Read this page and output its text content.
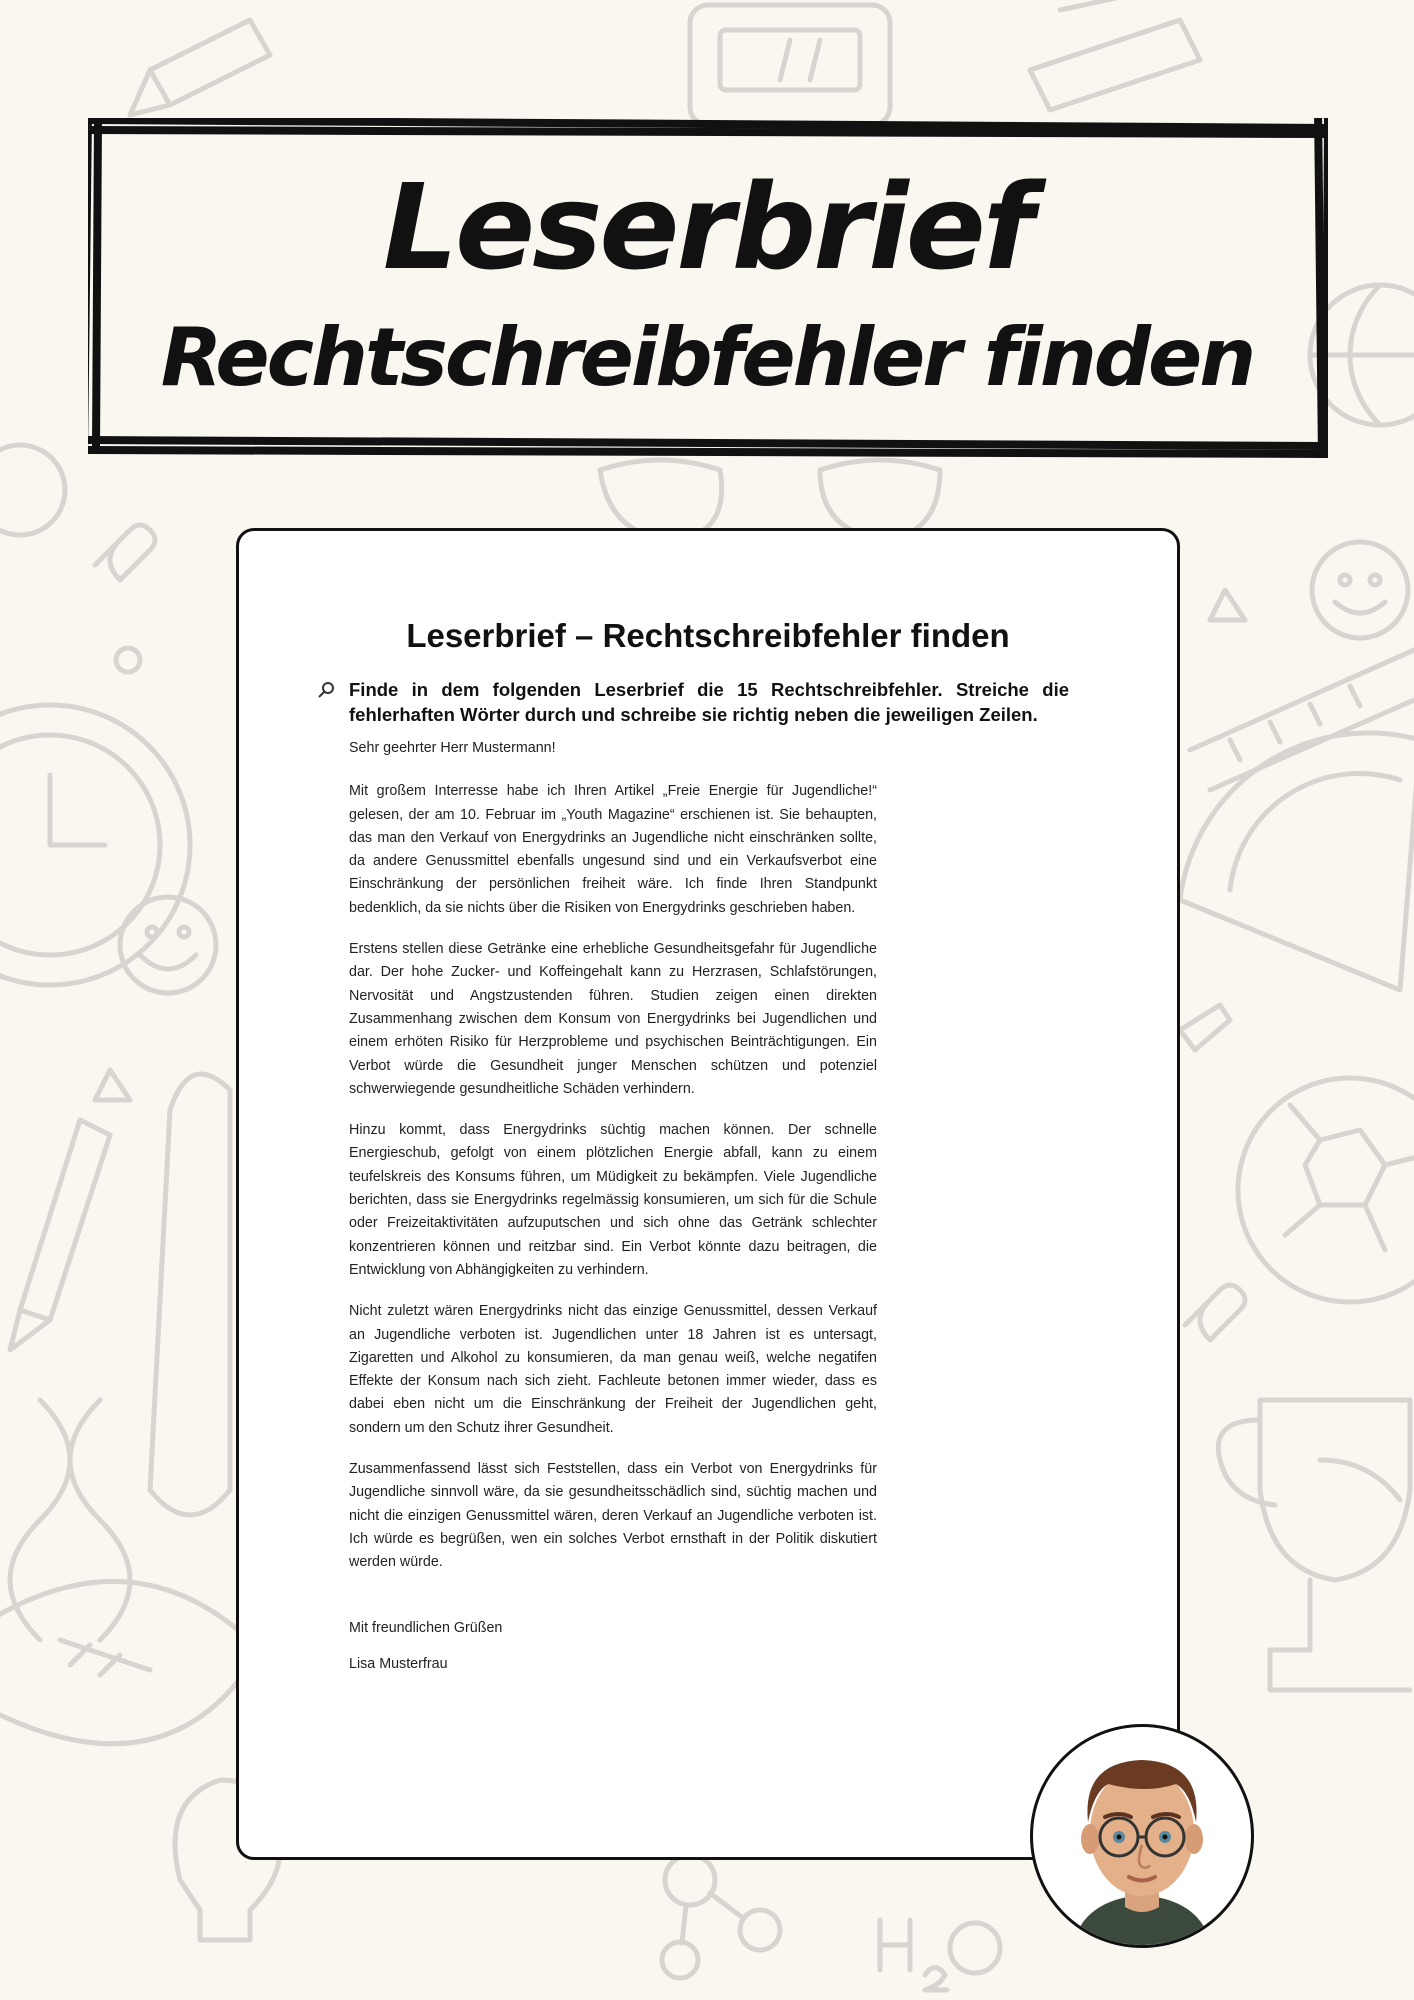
Leserbrief
Rechtschreibfehler finden
Leserbrief – Rechtschreibfehler finden
Finde in dem folgenden Leserbrief die 15 Rechtschreibfehler. Streiche die fehlerhaften Wörter durch und schreibe sie richtig neben die jeweiligen Zeilen.

Sehr geehrter Herr Mustermann!

Mit großem Interresse habe ich Ihren Artikel „Freie Energie für Jugendliche!“ gelesen, der am 10. Februar im „Youth Magazine“ erschienen ist. Sie behaupten, das man den Verkauf von Energydrinks an Jugendliche nicht einschränken sollte, da andere Genussmittel ebenfalls ungesund sind und ein Verkaufsverbot eine Einschränkung der persönlichen freiheit wäre. Ich finde Ihren Standpunkt bedenklich, da sie nichts über die Risiken von Energydrinks geschrieben haben.

Erstens stellen diese Getränke eine erhebliche Gesundheitsgefahr für Jugendliche dar. Der hohe Zucker- und Koffeingehalt kann zu Herzrasen, Schlafstörungen, Nervosität und Angstzustenden führen. Studien zeigen einen direkten Zusammenhang zwischen dem Konsum von Energydrinks bei Jugendlichen und einem erhöten Risiko für Herzprobleme und psychischen Beinträchtigungen. Ein Verbot würde die Gesundheit junger Menschen schützen und potenziel schwerwiegende gesundheitliche Schäden verhindern.

Hinzu kommt, dass Energydrinks süchtig machen können. Der schnelle Energieschub, gefolgt von einem plötzlichen Energie abfall, kann zu einem teufelskreis des Konsums führen, um Müdigkeit zu bekämpfen. Viele Jugendliche berichten, dass sie Energydrinks regelmässig konsumieren, um sich für die Schule oder Freizeitaktivitäten aufzuputschen und sich ohne das Getränk schlechter konzentrieren können und reitzbar sind. Ein Verbot könnte dazu beitragen, die Entwicklung von Abhängigkeiten zu verhindern.

Nicht zuletzt wären Energydrinks nicht das einzige Genussmittel, dessen Verkauf an Jugendliche verboten ist. Jugendlichen unter 18 Jahren ist es untersagt, Zigaretten und Alkohol zu konsumieren, da man genau weiß, welche negatifen Effekte der Konsum nach sich zieht. Fachleute betonen immer wieder, dass es dabei eben nicht um die Einschränkung der Freiheit der Jugendlichen geht, sondern um den Schutz ihrer Gesundheit.

Zusammenfassend lässt sich Feststellen, dass ein Verbot von Energydrinks für Jugendliche sinnvoll wäre, da sie gesundheitsschädlich sind, süchtig machen und nicht die einzigen Genussmittel wären, deren Verkauf an Jugendliche verboten ist. Ich würde es begrüßen, wen ein solches Verbot ernsthaft in der Politik diskutiert werden würde.

Mit freundlichen Grüßen

Lisa Musterfrau
